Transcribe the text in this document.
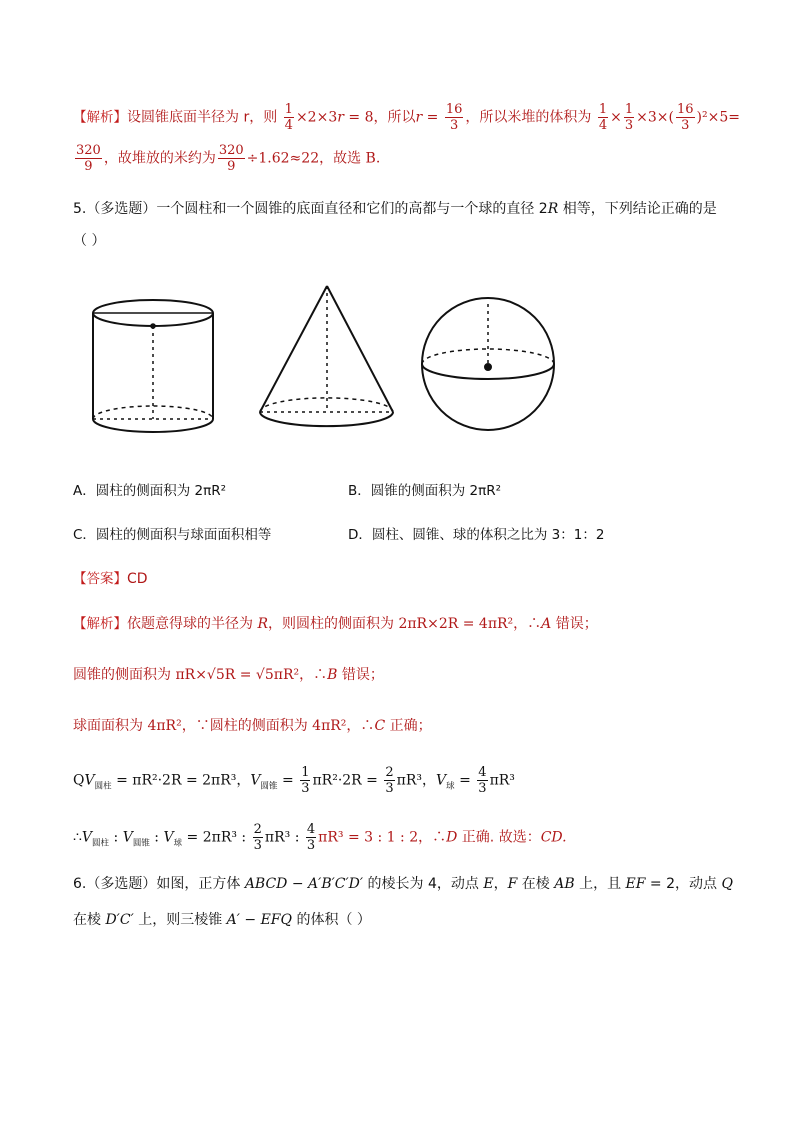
【解析】设圆锥底面半径为 r，则 $\frac{1}{4} \times 2\times 3r = 8$，所以$r = \frac{16}{3}$ ，所以米堆的体积为 $\frac{1}{4} \times \frac{1}{3} \times 3\times( \frac{16}{3} )^2\times 5=$
$\frac{320}{9}$ ，故堆放的米约为 $\frac{320}{9} \div 1.62\approx 22$，故选 B.
5.（多选题）一个圆柱和一个圆锥的底面直径和它们的高都与一个球的直径 2R 相等，下列结论正确的是
（ ）
A．圆柱的侧面积为 2πR²	B．圆锥的侧面积为 2πR²
C．圆柱的侧面积与球面面积相等	D．圆柱、圆锥、球的体积之比为 3：1：2
【答案】CD
【解析】依题意得球的半径为 R，则圆柱的侧面积为 2πR×2R = 4πR²，∴A 错误；
圆锥的侧面积为 πR×√5R = √5πR²，∴B 错误；
球面面积为 4πR²，∵圆柱的侧面积为 4πR²，∴C 正确；
$QV_{圆柱} = \pi R^2\cdot 2R = 2\pi R^3$，$V_{圆锥} = \frac{1}{3} \pi R^2\cdot 2R = \frac{2}{3} \pi R^3$，$V_球 = \frac{4}{3} \pi R^3$
$\therefore V_{圆柱}$ : $V_{圆锥}$ : $V_球 = 2\pi R^3$ : $\frac{2}{3} \pi R^3$ : $\frac{4}{3} \pi R^3 = 3$ : 1 : 2，∴D 正确. 故选：CD.
6.（多选题）如图，正方体 ABCD − A′B′C′D′ 的棱长为 4，动点 E，F 在棱 AB 上，且 EF = 2，动点 Q
在棱 D′C′ 上，则三棱锥 A′ − EFQ 的体积（ ）
